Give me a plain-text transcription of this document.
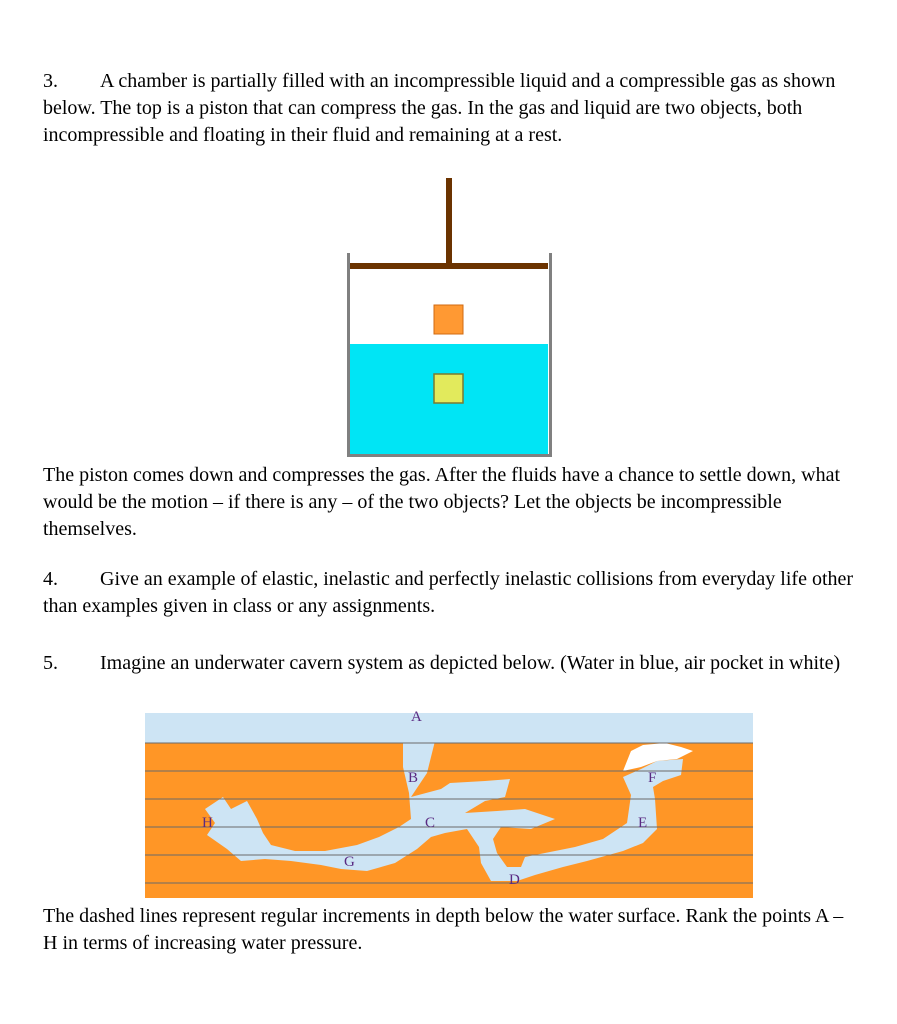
3. A chamber is partially filled with an incompressible liquid and a compressible gas as shown below. The top is a piston that can compress the gas. In the gas and liquid are two objects, both incompressible and floating in their fluid and remaining at a rest.

The piston comes down and compresses the gas. After the fluids have a chance to settle down, what would be the motion – if there is any – of the two objects? Let the objects be incompressible themselves.

4. Give an example of elastic, inelastic and perfectly inelastic collisions from everyday life other than examples given in class or any assignments.

5. Imagine an underwater cavern system as depicted below. (Water in blue, air pocket in white)

A
B
C
D
E
F
G
H

The dashed lines represent regular increments in depth below the water surface. Rank the points A – H in terms of increasing water pressure.
